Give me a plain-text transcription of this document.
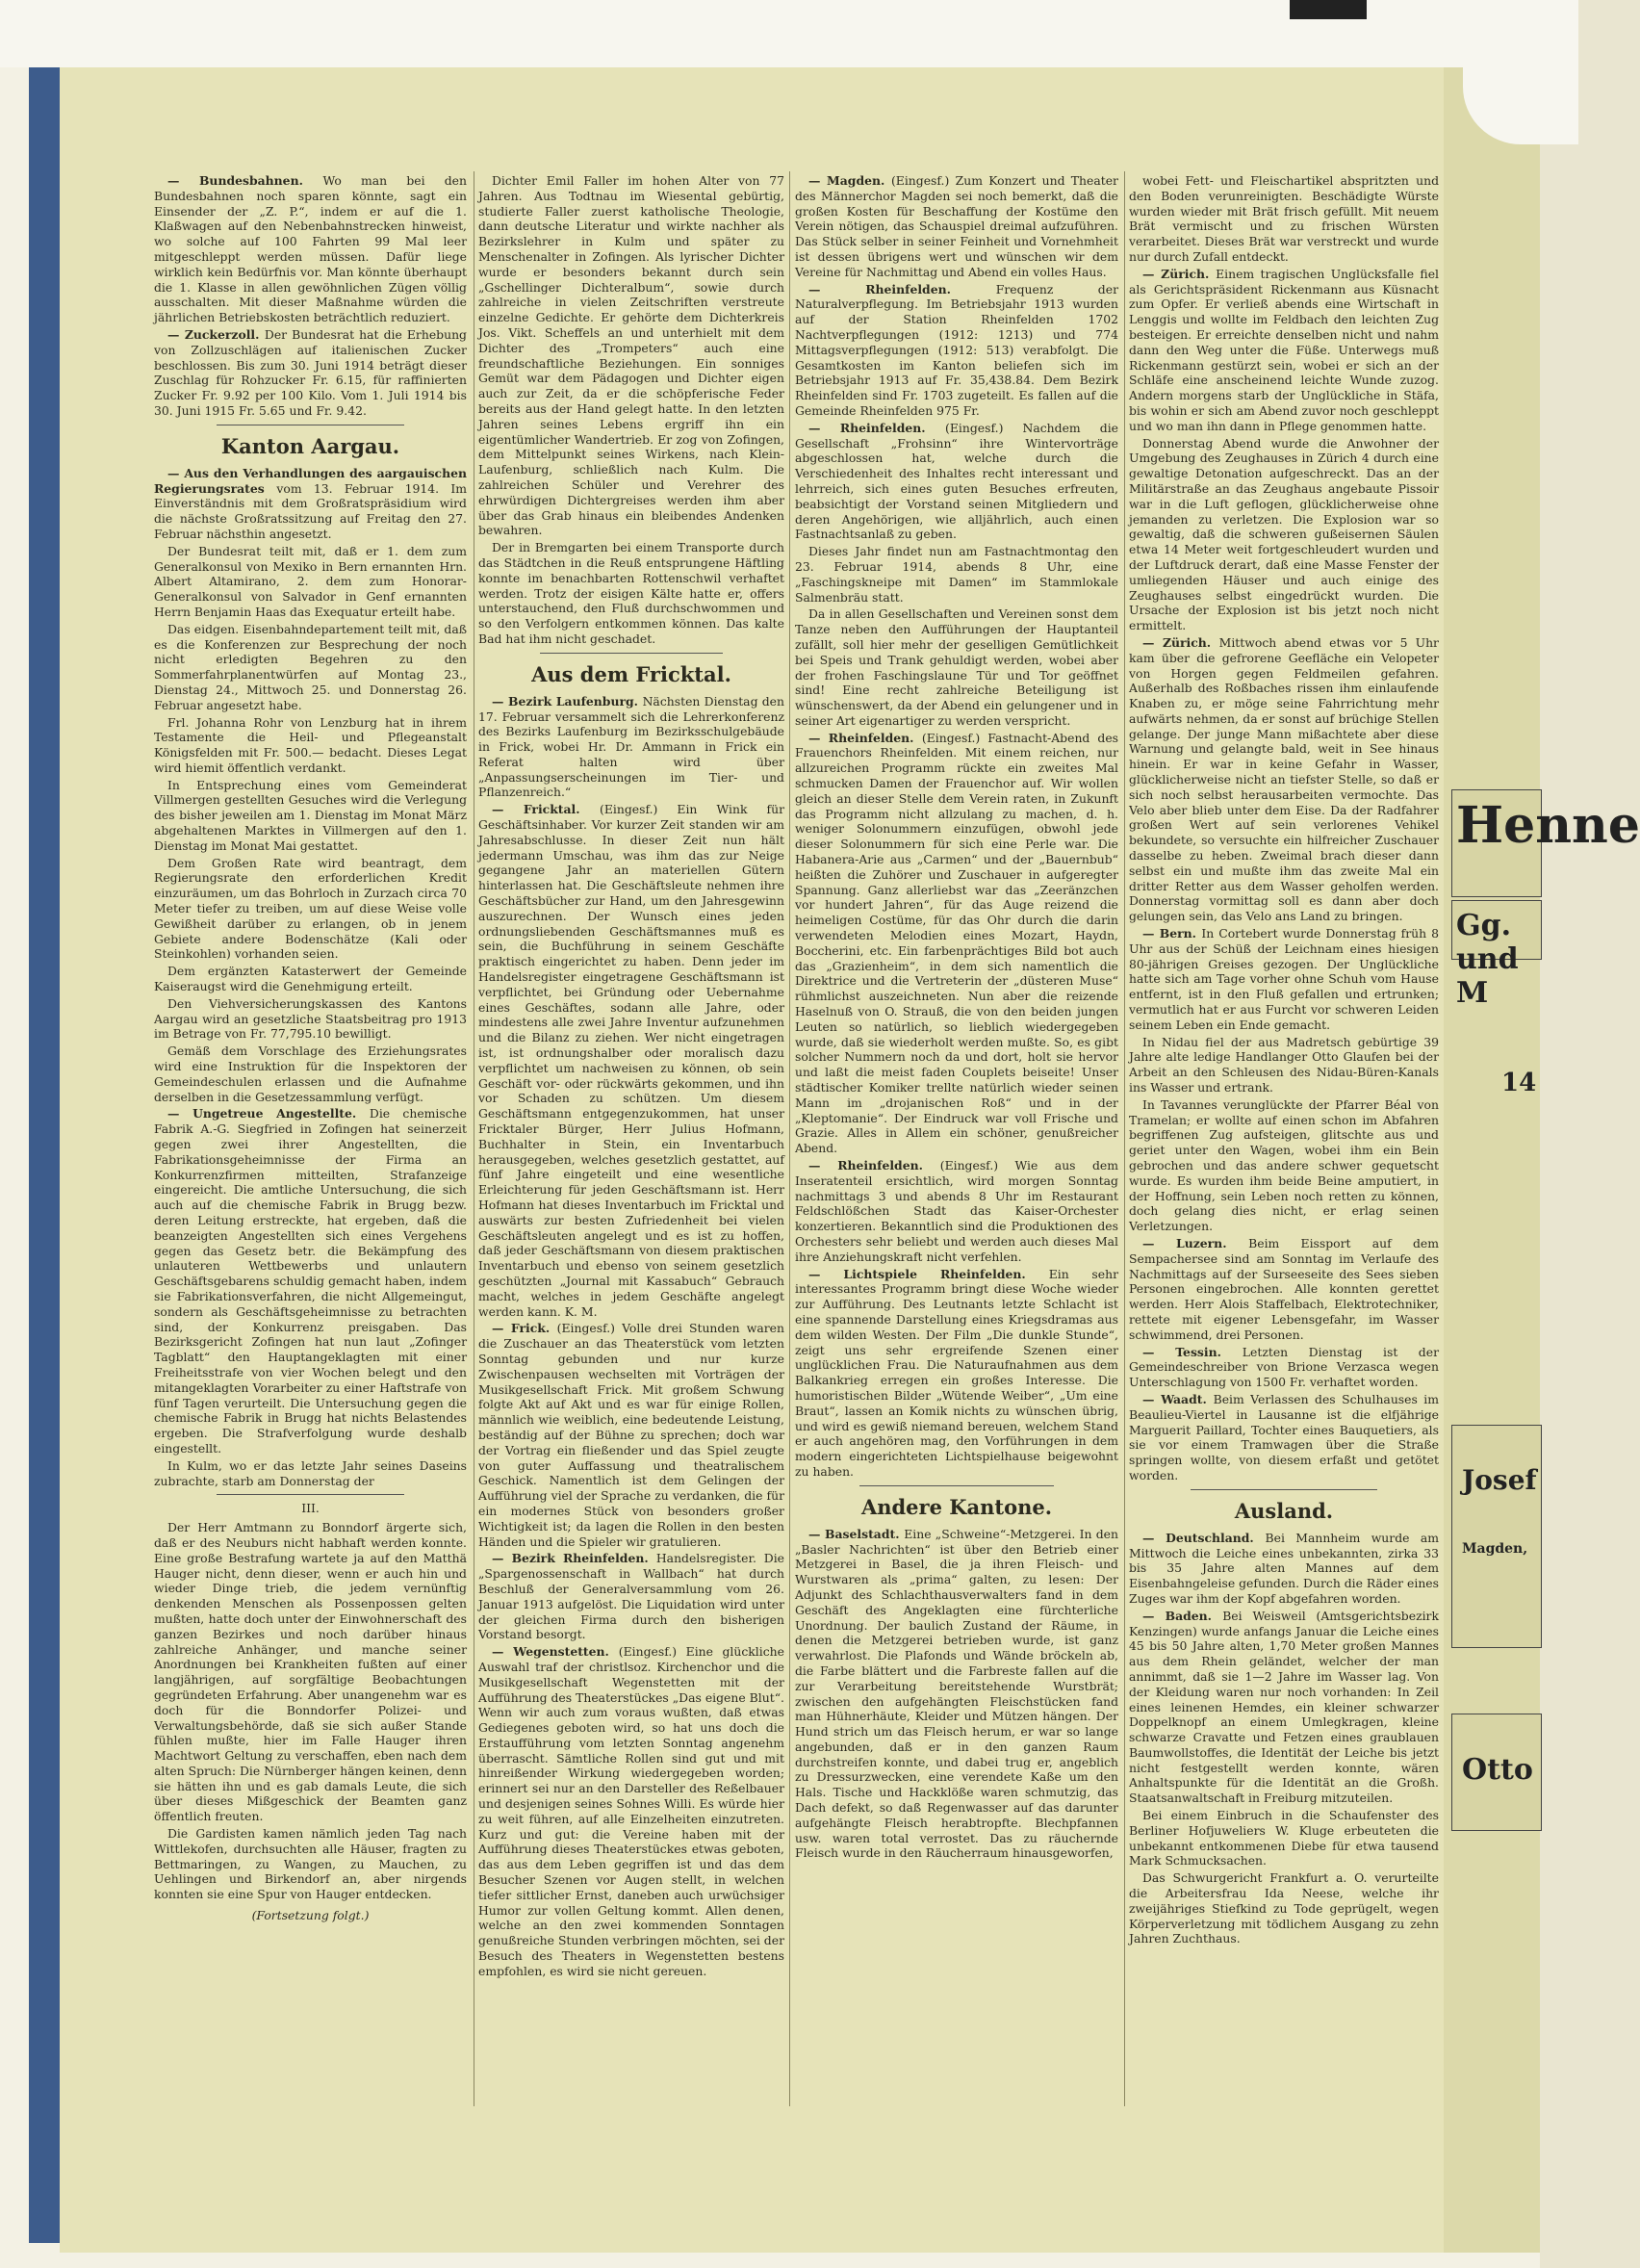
— Bundesbahnen. Wo man bei den Bundesbahnen noch sparen könnte, sagt ein Einsender der „Z. P.“, indem er auf die 1. Klaßwagen auf den Nebenbahnstrecken hinweist, wo solche auf 100 Fahrten 99 Mal leer mitgeschleppt werden müssen. Dafür liege wirklich kein Bedürfnis vor. Man könnte überhaupt die 1. Klasse in allen gewöhnlichen Zügen völlig ausschalten. Mit dieser Maßnahme würden die jährlichen Betriebskosten beträchtlich reduziert.

— Zuckerzoll. Der Bundesrat hat die Erhebung von Zollzuschlägen auf italienischen Zucker beschlossen. Bis zum 30. Juni 1914 beträgt dieser Zuschlag für Rohzucker Fr. 6.15, für raffinierten Zucker Fr. 9.92 per 100 Kilo. Vom 1. Juli 1914 bis 30. Juni 1915 Fr. 5.65 und Fr. 9.42.

Kanton Aargau.

— Aus den Verhandlungen des aargauischen Regierungsrates vom 13. Februar 1914. Im Einverständnis mit dem Großratspräsidium wird die nächste Großratssitzung auf Freitag den 27. Februar nächsthin angesetzt.

Der Bundesrat teilt mit, daß er 1. dem zum Generalkonsul von Mexiko in Bern ernannten Hrn. Albert Altamirano, 2. dem zum Honorar-Generalkonsul von Salvador in Genf ernannten Herrn Benjamin Haas das Exequatur erteilt habe.

Das eidgen. Eisenbahndepartement teilt mit, daß es die Konferenzen zur Besprechung der noch nicht erledigten Begehren zu den Sommerfahrplanentwürfen auf Montag 23., Dienstag 24., Mittwoch 25. und Donnerstag 26. Februar angesetzt habe.

Frl. Johanna Rohr von Lenzburg hat in ihrem Testamente die Heil- und Pflegeanstalt Königsfelden mit Fr. 500.— bedacht. Dieses Legat wird hiemit öffentlich verdankt.

In Entsprechung eines vom Gemeinderat Villmergen gestellten Gesuches wird die Verlegung des bisher jeweilen am 1. Dienstag im Monat März abgehaltenen Marktes in Villmergen auf den 1. Dienstag im Monat Mai gestattet.

Dem Großen Rate wird beantragt, dem Regierungsrate den erforderlichen Kredit einzuräumen, um das Bohrloch in Zurzach circa 70 Meter tiefer zu treiben, um auf diese Weise volle Gewißheit darüber zu erlangen, ob in jenem Gebiete andere Bodenschätze (Kali oder Steinkohlen) vorhanden seien.

Dem ergänzten Katasterwert der Gemeinde Kaiseraugst wird die Genehmigung erteilt.

Den Viehversicherungskassen des Kantons Aargau wird an gesetzliche Staatsbeitrag pro 1913 im Betrage von Fr. 77,795.10 bewilligt.

Gemäß dem Vorschlage des Erziehungsrates wird eine Instruktion für die Inspektoren der Gemeindeschulen erlassen und die Aufnahme derselben in die Gesetzessammlung verfügt.

— Ungetreue Angestellte. Die chemische Fabrik A.-G. Siegfried in Zofingen hat seinerzeit gegen zwei ihrer Angestellten, die Fabrikationsgeheimnisse der Firma an Konkurrenzfirmen mitteilten, Strafanzeige eingereicht. Die amtliche Untersuchung, die sich auch auf die chemische Fabrik in Brugg bezw. deren Leitung erstreckte, hat ergeben, daß die beanzeigten Angestellten sich eines Vergehens gegen das Gesetz betr. die Bekämpfung des unlauteren Wettbewerbs und unlautern Geschäftsgebarens schuldig gemacht haben, indem sie Fabrikationsverfahren, die nicht Allgemeingut, sondern als Geschäftsgeheimnisse zu betrachten sind, der Konkurrenz preisgaben. Das Bezirksgericht Zofingen hat nun laut „Zofinger Tagblatt“ den Hauptangeklagten mit einer Freiheitsstrafe von vier Wochen belegt und den mitangeklagten Vorarbeiter zu einer Haftstrafe von fünf Tagen verurteilt. Die Untersuchung gegen die chemische Fabrik in Brugg hat nichts Belastendes ergeben. Die Strafverfolgung wurde deshalb eingestellt.

In Kulm, wo er das letzte Jahr seines Daseins zubrachte, starb am Donnerstag der

III.

Der Herr Amtmann zu Bonndorf ärgerte sich, daß er des Neuburs nicht habhaft werden konnte. Eine große Bestrafung wartete ja auf den Matthä Hauger nicht, denn dieser, wenn er auch hin und wieder Dinge trieb, die jedem vernünftig denkenden Menschen als Possenpossen gelten mußten, hatte doch unter der Einwohnerschaft des ganzen Bezirkes und noch darüber hinaus zahlreiche Anhänger, und manche seiner Anordnungen bei Krankheiten fußten auf einer langjährigen, auf sorgfältige Beobachtungen gegründeten Erfahrung. Aber unangenehm war es doch für die Bonndorfer Polizei- und Verwaltungsbehörde, daß sie sich außer Stande fühlen mußte, hier im Falle Hauger ihren Machtwort Geltung zu verschaffen, eben nach dem alten Spruch: Die Nürnberger hängen keinen, denn sie hätten ihn und es gab damals Leute, die sich über dieses Mißgeschick der Beamten ganz öffentlich freuten.

Die Gardisten kamen nämlich jeden Tag nach Wittlekofen, durchsuchten alle Häuser, fragten zu Bettmaringen, zu Wangen, zu Mauchen, zu Uehlingen und Birkendorf an, aber nirgends konnten sie eine Spur von Hauger entdecken.

(Fortsetzung folgt.)

Dichter Emil Faller im hohen Alter von 77 Jahren. Aus Todtnau im Wiesental gebürtig, studierte Faller zuerst katholische Theologie, dann deutsche Literatur und wirkte nachher als Bezirkslehrer in Kulm und später zu Menschenalter in Zofingen. Als lyrischer Dichter wurde er besonders bekannt durch sein „Gschellinger Dichteralbum“, sowie durch zahlreiche in vielen Zeitschriften verstreute einzelne Gedichte. Er gehörte dem Dichterkreis Jos. Vikt. Scheffels an und unterhielt mit dem Dichter des „Trompeters“ auch eine freundschaftliche Beziehungen. Ein sonniges Gemüt war dem Pädagogen und Dichter eigen auch zur Zeit, da er die schöpferische Feder bereits aus der Hand gelegt hatte. In den letzten Jahren seines Lebens ergriff ihn ein eigentümlicher Wandertrieb. Er zog von Zofingen, dem Mittelpunkt seines Wirkens, nach Klein-Laufenburg, schließlich nach Kulm. Die zahlreichen Schüler und Verehrer des ehrwürdigen Dichtergreises werden ihm aber über das Grab hinaus ein bleibendes Andenken bewahren.

Der in Bremgarten bei einem Transporte durch das Städtchen in die Reuß entsprungene Häftling konnte im benachbarten Rottenschwil verhaftet werden. Trotz der eisigen Kälte hatte er, offers unterstauchend, den Fluß durchschwommen und so den Verfolgern entkommen können. Das kalte Bad hat ihm nicht geschadet.

Aus dem Fricktal.

— Bezirk Laufenburg. Nächsten Dienstag den 17. Februar versammelt sich die Lehrerkonferenz des Bezirks Laufenburg im Bezirksschulgebäude in Frick, wobei Hr. Dr. Ammann in Frick ein Referat halten wird über „Anpassungserscheinungen im Tier- und Pflanzenreich.“

— Fricktal. (Eingesf.) Ein Wink für Geschäftsinhaber. Vor kurzer Zeit standen wir am Jahresabschlusse. In dieser Zeit nun hält jedermann Umschau, was ihm das zur Neige gegangene Jahr an materiellen Gütern hinterlassen hat. Die Geschäftsleute nehmen ihre Geschäftsbücher zur Hand, um den Jahresgewinn auszurechnen. Der Wunsch eines jeden ordnungsliebenden Geschäftsmannes muß es sein, die Buchführung in seinem Geschäfte praktisch eingerichtet zu haben. Denn jeder im Handelsregister eingetragene Geschäftsmann ist verpflichtet, bei Gründung oder Uebernahme eines Geschäftes, sodann alle Jahre, oder mindestens alle zwei Jahre Inventur aufzunehmen und die Bilanz zu ziehen. Wer nicht eingetragen ist, ist ordnungshalber oder moralisch dazu verpflichtet um nachweisen zu können, ob sein Geschäft vor- oder rückwärts gekommen, und ihn vor Schaden zu schützen. Um diesem Geschäftsmann entgegenzukommen, hat unser Fricktaler Bürger, Herr Julius Hofmann, Buchhalter in Stein, ein Inventarbuch herausgegeben, welches gesetzlich gestattet, auf fünf Jahre eingeteilt und eine wesentliche Erleichterung für jeden Geschäftsmann ist. Herr Hofmann hat dieses Inventarbuch im Fricktal und auswärts zur besten Zufriedenheit bei vielen Geschäftsleuten angelegt und es ist zu hoffen, daß jeder Geschäftsmann von diesem praktischen Inventarbuch und ebenso von seinem gesetzlich geschützten „Journal mit Kassabuch“ Gebrauch macht, welches in jedem Geschäfte angelegt werden kann. K. M.

— Frick. (Eingesf.) Volle drei Stunden waren die Zuschauer an das Theaterstück vom letzten Sonntag gebunden und nur kurze Zwischenpausen wechselten mit Vorträgen der Musikgesellschaft Frick. Mit großem Schwung folgte Akt auf Akt und es war für einige Rollen, männlich wie weiblich, eine bedeutende Leistung, beständig auf der Bühne zu sprechen; doch war der Vortrag ein fließender und das Spiel zeugte von guter Auffassung und theatralischem Geschick. Namentlich ist dem Gelingen der Aufführung viel der Sprache zu verdanken, die für ein modernes Stück von besonders großer Wichtigkeit ist; da lagen die Rollen in den besten Händen und die Spieler wir gratulieren.

— Bezirk Rheinfelden. Handelsregister. Die „Spargenossenschaft in Wallbach“ hat durch Beschluß der Generalversammlung vom 26. Januar 1913 aufgelöst. Die Liquidation wird unter der gleichen Firma durch den bisherigen Vorstand besorgt.

— Wegenstetten. (Eingesf.) Eine glückliche Auswahl traf der christlsoz. Kirchenchor und die Musikgesellschaft Wegenstetten mit der Aufführung des Theaterstückes „Das eigene Blut“. Wenn wir auch zum voraus wußten, daß etwas Gediegenes geboten wird, so hat uns doch die Erstaufführung vom letzten Sonntag angenehm überrascht. Sämtliche Rollen sind gut und mit hinreißender Wirkung wiedergegeben worden; erinnert sei nur an den Darsteller des Reßelbauer und desjenigen seines Sohnes Willi. Es würde hier zu weit führen, auf alle Einzelheiten einzutreten. Kurz und gut: die Vereine haben mit der Aufführung dieses Theaterstückes etwas geboten, das aus dem Leben gegriffen ist und das dem Besucher Szenen vor Augen stellt, in welchen tiefer sittlicher Ernst, daneben auch urwüchsiger Humor zur vollen Geltung kommt. Allen denen, welche an den zwei kommenden Sonntagen genußreiche Stunden verbringen möchten, sei der Besuch des Theaters in Wegenstetten bestens empfohlen, es wird sie nicht gereuen.

— Magden. (Eingesf.) Zum Konzert und Theater des Männerchor Magden sei noch bemerkt, daß die großen Kosten für Beschaffung der Kostüme den Verein nötigen, das Schauspiel dreimal aufzuführen. Das Stück selber in seiner Feinheit und Vornehmheit ist dessen übrigens wert und wünschen wir dem Vereine für Nachmittag und Abend ein volles Haus.

— Rheinfelden. Frequenz der Naturalverpflegung. Im Betriebsjahr 1913 wurden auf der Station Rheinfelden 1702 Nachtverpflegungen (1912: 1213) und 774 Mittagsverpflegungen (1912: 513) verabfolgt. Die Gesamtkosten im Kanton beliefen sich im Betriebsjahr 1913 auf Fr. 35,438.84. Dem Bezirk Rheinfelden sind Fr. 1703 zugeteilt. Es fallen auf die Gemeinde Rheinfelden 975 Fr.

— Rheinfelden. (Eingesf.) Nachdem die Gesellschaft „Frohsinn“ ihre Wintervorträge abgeschlossen hat, welche durch die Verschiedenheit des Inhaltes recht interessant und lehrreich, sich eines guten Besuches erfreuten, beabsichtigt der Vorstand seinen Mitgliedern und deren Angehörigen, wie alljährlich, auch einen Fastnachtsanlaß zu geben.

Dieses Jahr findet nun am Fastnachtmontag den 23. Februar 1914, abends 8 Uhr, eine „Faschingskneipe mit Damen“ im Stammlokale Salmenbräu statt.

Da in allen Gesellschaften und Vereinen sonst dem Tanze neben den Aufführungen der Hauptanteil zufällt, soll hier mehr der geselligen Gemütlichkeit bei Speis und Trank gehuldigt werden, wobei aber der frohen Faschingslaune Tür und Tor geöffnet sind! Eine recht zahlreiche Beteiligung ist wünschenswert, da der Abend ein gelungener und in seiner Art eigenartiger zu werden verspricht.

— Rheinfelden. (Eingesf.) Fastnacht-Abend des Frauenchors Rheinfelden. Mit einem reichen, nur allzureichen Programm rückte ein zweites Mal schmucken Damen der Frauenchor auf. Wir wollen gleich an dieser Stelle dem Verein raten, in Zukunft das Programm nicht allzulang zu machen, d. h. weniger Solonummern einzufügen, obwohl jede dieser Solonummern für sich eine Perle war. Die Habanera-Arie aus „Carmen“ und der „Bauernbub“ heißten die Zuhörer und Zuschauer in aufgeregter Spannung. Ganz allerliebst war das „Zeeränzchen vor hundert Jahren“, für das Auge reizend die heimeligen Costüme, für das Ohr durch die darin verwendeten Melodien eines Mozart, Haydn, Boccherini, etc. Ein farbenprächtiges Bild bot auch das „Grazienheim“, in dem sich namentlich die Direktrice und die Vertreterin der „düsteren Muse“ rühmlichst auszeichneten. Nun aber die reizende Haselnuß von O. Strauß, die von den beiden jungen Leuten so natürlich, so lieblich wiedergegeben wurde, daß sie wiederholt werden mußte. So, es gibt solcher Nummern noch da und dort, holt sie hervor und laßt die meist faden Couplets beiseite! Unser städtischer Komiker trellte natürlich wieder seinen Mann im „drojanischen Roß“ und in der „Kleptomanie“. Der Eindruck war voll Frische und Grazie. Alles in Allem ein schöner, genußreicher Abend.

— Rheinfelden. (Eingesf.) Wie aus dem Inseratenteil ersichtlich, wird morgen Sonntag nachmittags 3 und abends 8 Uhr im Restaurant Feldschlößchen Stadt das Kaiser-Orchester konzertieren. Bekanntlich sind die Produktionen des Orchesters sehr beliebt und werden auch dieses Mal ihre Anziehungskraft nicht verfehlen.

— Lichtspiele Rheinfelden. Ein sehr interessantes Programm bringt diese Woche wieder zur Aufführung. Des Leutnants letzte Schlacht ist eine spannende Darstellung eines Kriegsdramas aus dem wilden Westen. Der Film „Die dunkle Stunde“, zeigt uns sehr ergreifende Szenen einer unglücklichen Frau. Die Naturaufnahmen aus dem Balkankrieg erregen ein großes Interesse. Die humoristischen Bilder „Wütende Weiber“, „Um eine Braut“, lassen an Komik nichts zu wünschen übrig, und wird es gewiß niemand bereuen, welchem Stand er auch angehören mag, den Vorführungen in dem modern eingerichteten Lichtspielhause beigewohnt zu haben.

Andere Kantone.

— Baselstadt. Eine „Schweine“-Metzgerei. In den „Basler Nachrichten“ ist über den Betrieb einer Metzgerei in Basel, die ja ihren Fleisch- und Wurstwaren als „prima“ galten, zu lesen: Der Adjunkt des Schlachthausverwalters fand in dem Geschäft des Angeklagten eine fürchterliche Unordnung. Der baulich Zustand der Räume, in denen die Metzgerei betrieben wurde, ist ganz verwahrlost. Die Plafonds und Wände bröckeln ab, die Farbe blättert und die Farbreste fallen auf die zur Verarbeitung bereitstehende Wurstbrät; zwischen den aufgehängten Fleischstücken fand man Hühnerhäute, Kleider und Mützen hängen. Der Hund strich um das Fleisch herum, er war so lange angebunden, daß er in den ganzen Raum durchstreifen konnte, und dabei trug er, angeblich zu Dressurzwecken, eine verendete Kaße um den Hals. Tische und Hackklöße waren schmutzig, das Dach defekt, so daß Regenwasser auf das darunter aufgehängte Fleisch herabtropfte. Blechpfannen usw. waren total verrostet. Das zu räuchernde Fleisch wurde in den Räucherraum hinausgeworfen,

wobei Fett- und Fleischartikel abspritzten und den Boden verunreinigten. Beschädigte Würste wurden wieder mit Brät frisch gefüllt. Mit neuem Brät vermischt und zu frischen Würsten verarbeitet. Dieses Brät war verstreckt und wurde nur durch Zufall entdeckt.

— Zürich. Einem tragischen Unglücksfalle fiel als Gerichtspräsident Rickenmann aus Küsnacht zum Opfer. Er verließ abends eine Wirtschaft in Lenggis und wollte im Feldbach den leichten Zug besteigen. Er erreichte denselben nicht und nahm dann den Weg unter die Füße. Unterwegs muß Rickenmann gestürzt sein, wobei er sich an der Schläfe eine anscheinend leichte Wunde zuzog. Andern morgens starb der Unglückliche in Stäfa, bis wohin er sich am Abend zuvor noch geschleppt und wo man ihn dann in Pflege genommen hatte.

Donnerstag Abend wurde die Anwohner der Umgebung des Zeughauses in Zürich 4 durch eine gewaltige Detonation aufgeschreckt. Das an der Militärstraße an das Zeughaus angebaute Pissoir war in die Luft geflogen, glücklicherweise ohne jemanden zu verletzen. Die Explosion war so gewaltig, daß die schweren gußeisernen Säulen etwa 14 Meter weit fortgeschleudert wurden und der Luftdruck derart, daß eine Masse Fenster der umliegenden Häuser und auch einige des Zeughauses selbst eingedrückt wurden. Die Ursache der Explosion ist bis jetzt noch nicht ermittelt.

— Zürich. Mittwoch abend etwas vor 5 Uhr kam über die gefrorene Geefläche ein Velopeter von Horgen gegen Feldmeilen gefahren. Außerhalb des Roßbaches rissen ihm einlaufende Knaben zu, er möge seine Fahrrichtung mehr aufwärts nehmen, da er sonst auf brüchige Stellen gelange. Der junge Mann mißachtete aber diese Warnung und gelangte bald, weit in See hinaus hinein. Er war in keine Gefahr in Wasser, glücklicherweise nicht an tiefster Stelle, so daß er sich noch selbst herausarbeiten vermochte. Das Velo aber blieb unter dem Eise. Da der Radfahrer großen Wert auf sein verlorenes Vehikel bekundete, so versuchte ein hilfreicher Zuschauer dasselbe zu heben. Zweimal brach dieser dann selbst ein und mußte ihm das zweite Mal ein dritter Retter aus dem Wasser geholfen werden. Donnerstag vormittag soll es dann aber doch gelungen sein, das Velo ans Land zu bringen.

— Bern. In Cortebert wurde Donnerstag früh 8 Uhr aus der Schüß der Leichnam eines hiesigen 80-jährigen Greises gezogen. Der Unglückliche hatte sich am Tage vorher ohne Schuh vom Hause entfernt, ist in den Fluß gefallen und ertrunken; vermutlich hat er aus Furcht vor schweren Leiden seinem Leben ein Ende gemacht.

In Nidau fiel der aus Madretsch gebürtige 39 Jahre alte ledige Handlanger Otto Glaufen bei der Arbeit an den Schleusen des Nidau-Büren-Kanals ins Wasser und ertrank.

In Tavannes verunglückte der Pfarrer Béal von Tramelan; er wollte auf einen schon im Abfahren begriffenen Zug aufsteigen, glitschte aus und geriet unter den Wagen, wobei ihm ein Bein gebrochen und das andere schwer gequetscht wurde. Es wurden ihm beide Beine amputiert, in der Hoffnung, sein Leben noch retten zu können, doch gelang dies nicht, er erlag seinen Verletzungen.

— Luzern. Beim Eissport auf dem Sempachersee sind am Sonntag im Verlaufe des Nachmittags auf der Surseeseite des Sees sieben Personen eingebrochen. Alle konnten gerettet werden. Herr Alois Staffelbach, Elektrotechniker, rettete mit eigener Lebensgefahr, im Wasser schwimmend, drei Personen.

— Tessin. Letzten Dienstag ist der Gemeindeschreiber von Brione Verzasca wegen Unterschlagung von 1500 Fr. verhaftet worden.

— Waadt. Beim Verlassen des Schulhauses im Beaulieu-Viertel in Lausanne ist die elfjährige Marguerit Paillard, Tochter eines Bauquetiers, als sie vor einem Tramwagen über die Straße springen wollte, von diesem erfaßt und getötet worden.

Ausland.

— Deutschland. Bei Mannheim wurde am Mittwoch die Leiche eines unbekannten, zirka 33 bis 35 Jahre alten Mannes auf dem Eisenbahngeleise gefunden. Durch die Räder eines Zuges war ihm der Kopf abgefahren worden.

— Baden. Bei Weisweil (Amtsgerichtsbezirk Kenzingen) wurde anfangs Januar die Leiche eines 45 bis 50 Jahre alten, 1,70 Meter großen Mannes aus dem Rhein geländet, welcher der man annimmt, daß sie 1—2 Jahre im Wasser lag. Von der Kleidung waren nur noch vorhanden: In Zeil eines leinenen Hemdes, ein kleiner schwarzer Doppelknopf an einem Umlegkragen, kleine schwarze Cravatte und Fetzen eines graublauen Baumwollstoffes, die Identität der Leiche bis jetzt nicht festgestellt werden konnte, wären Anhaltspunkte für die Identität an die Großh. Staatsanwaltschaft in Freiburg mitzuteilen.

Bei einem Einbruch in die Schaufenster des Berliner Hofjuweliers W. Kluge erbeuteten die unbekannt entkommenen Diebe für etwa tausend Mark Schmucksachen.

Das Schwurgericht Frankfurt a. O. verurteilte die Arbeitersfrau Ida Neese, welche ihr zweijähriges Stiefkind zu Tode geprügelt, wegen Körperverletzung mit tödlichem Ausgang zu zehn Jahren Zuchthaus.

Henne
Gg. und M
14
Josef
Magden,
Otto
